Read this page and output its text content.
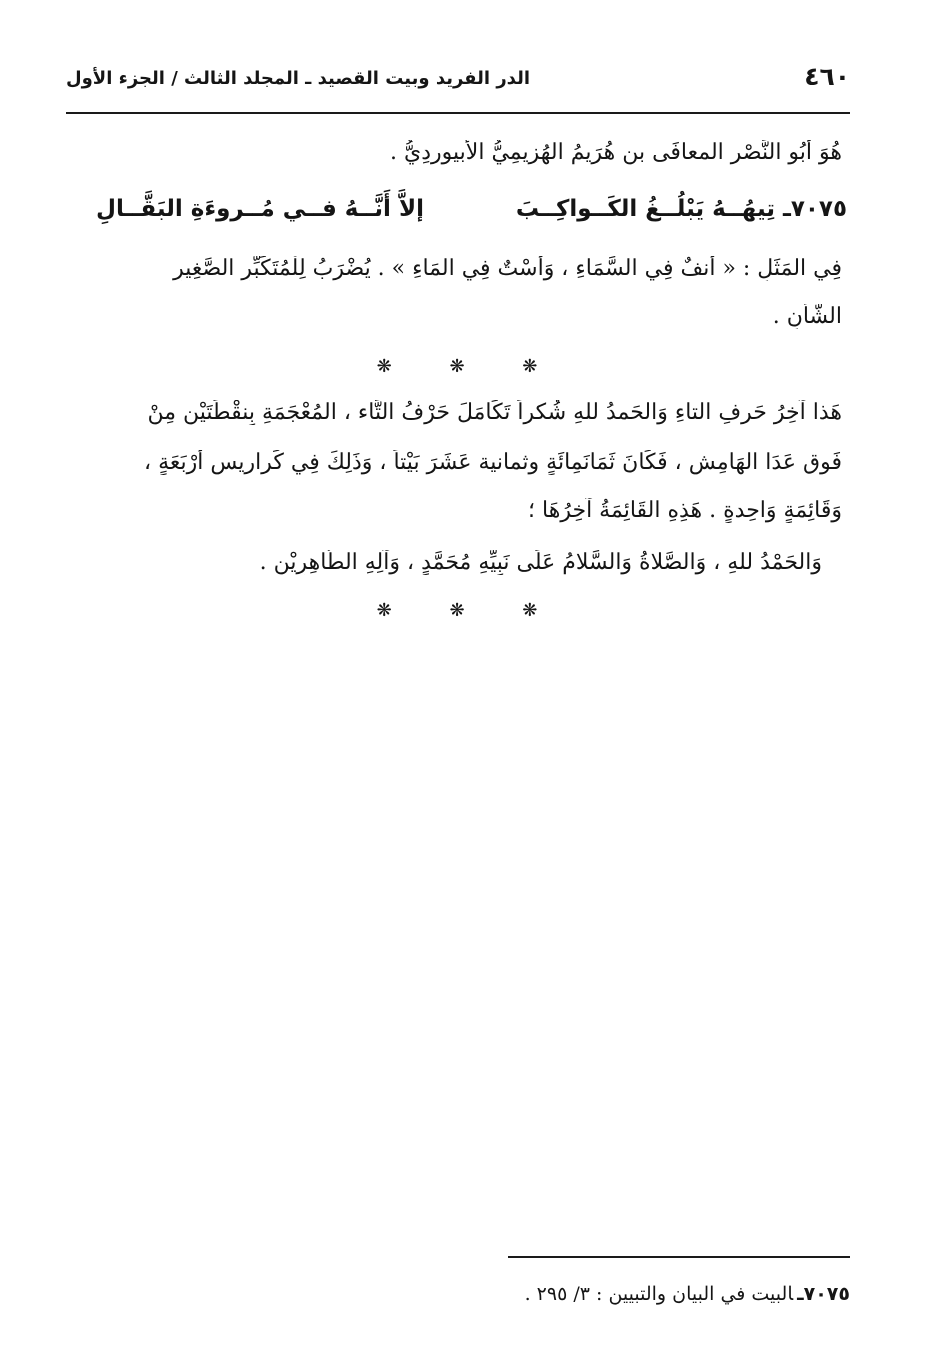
٤٦٠
الدر الفريد وبيت القصيد ـ المجلد الثالث / الجزء الأول
هُوَ أَبُو النَّصْرِ المعافَى بن هُرَيمُ الهُزِيمِيُّ الأبيوردِيُّ .
٧٠٧٥ـ
تِيهُــهُ يَبْلُــغُ الكَــواكِــبَ
إلاَّ أَنَّــهُ فــي مُــروءَةِ البَقَّــالِ
فِي المَثَلِ : « أنفٌ فِي السَّمَاءِ ، وَأَسْتٌ فِي المَاءِ » . يُضْرَبُ لِلْمُتَكَبِّرِ الصَّغِيرِ
الشَّأنِ .
❋ ❋ ❋
هَذا آخِرُ حَرفِ التاءِ وَالحَمدُ للهِ شُكراً تَكَامَلَ حَرْفُ التَّاء ، المُعْجَمَةِ بِنقْطَتَيْنِ مِنْ
فَوق عَدَا الهَامِشِ ، فَكَانَ ثَمَانَمِائَةٍ وثمانية عَشَرَ بَيْتاً ، وَذَلِكَ فِي كَراريس أَرْبَعَةٍ ،
وَقَائِمَةٍ وَاحِدةٍ . هَذِهِ القَائِمَةُ آخِرُهَا ؛
وَالحَمْدُ للهِ ، وَالصَّلاةُ وَالسَّلامُ عَلَى نَبِيِّهِ مُحَمَّدٍ ، وَآلِهِ الطَّاهِرِيْن .
❋ ❋ ❋
٧٠٧٥ـالبيت في البيان والتبيين : ٣/ ٢٩٥ .
